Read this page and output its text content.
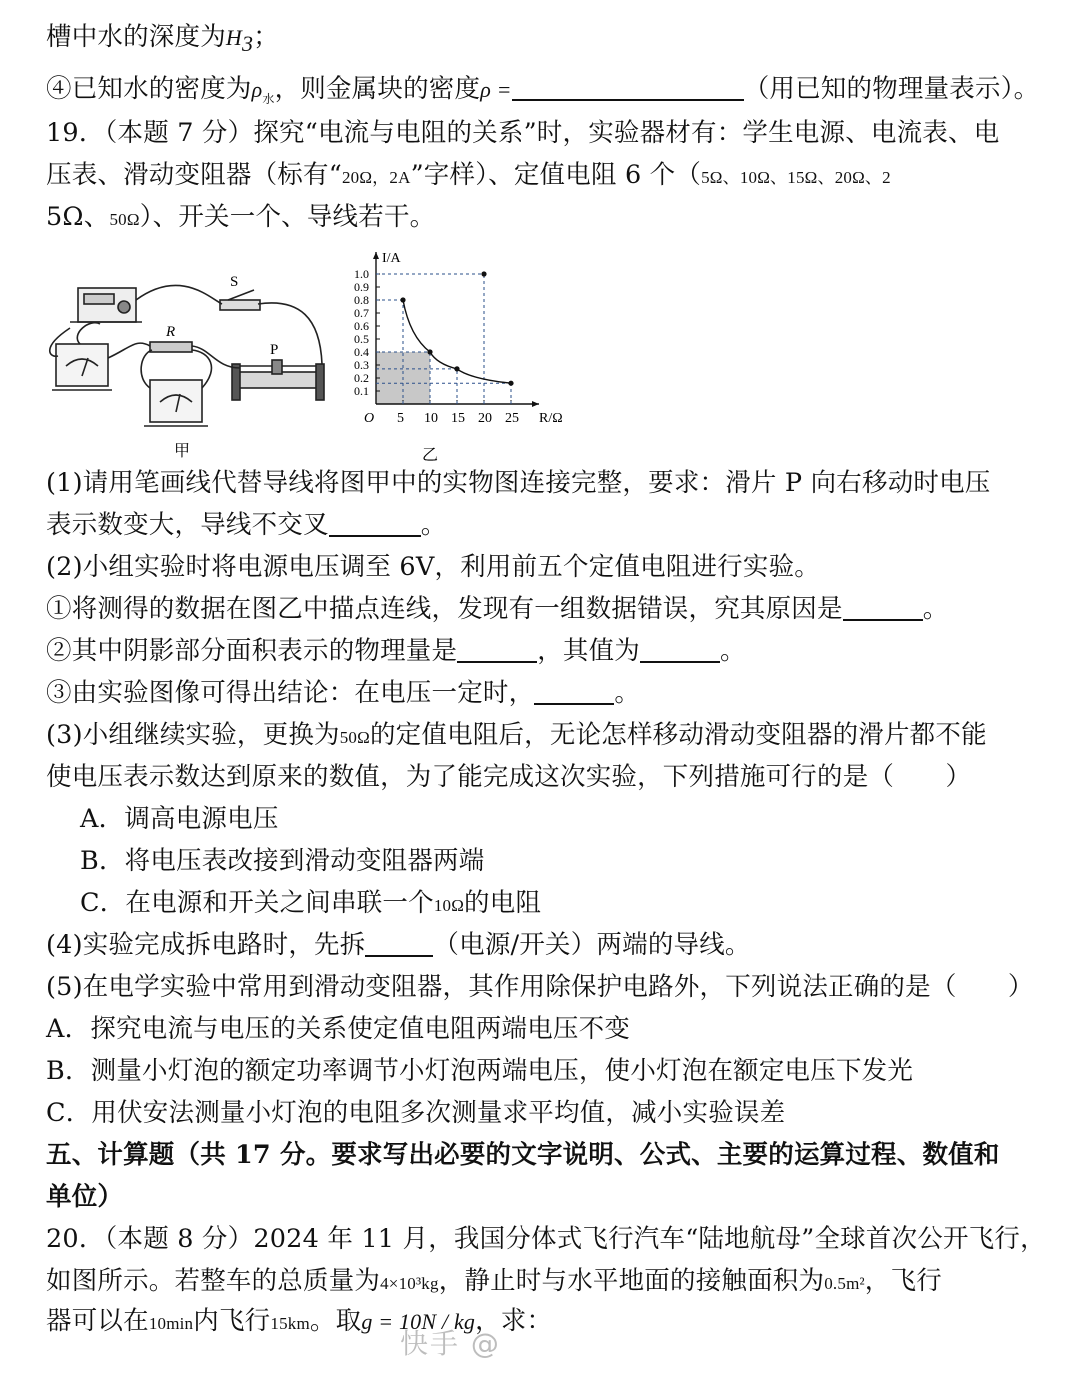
槽中水的深度为$H_3$；
④已知水的密度为$\rho_水$，则金属块的密度ρ =	（用已知的物理量表示）。
19．（本题 7 分）探究“电流与电阻的关系”时，实验器材有：学生电源、电流表、电
压表、滑动变阻器（标有“20Ω，2A”字样）、定值电阻 6 个（5Ω、10Ω、15Ω、20Ω、2
5Ω、50Ω）、开关一个、导线若干。
S
R
P
甲
0.1
0.2
0.3
0.4
0.5
0.6
0.7
0.8
0.9
1.0
5 10 15 20 25
O
I/A
R/Ω
乙
(1)请用笔画线代替导线将图甲中的实物图连接完整，要求：滑片 P 向右移动时电压
表示数变大，导线不交叉	。
(2)小组实验时将电源电压调至 6V，利用前五个定值电阻进行实验。
①将测得的数据在图乙中描点连线，发现有一组数据错误，究其原因是	。
②其中阴影部分面积表示的物理量是	，其值为	。
③由实验图像可得出结论：在电压一定时，	。
(3)小组继续实验，更换为50Ω的定值电阻后，无论怎样移动滑动变阻器的滑片都不能
使电压表示数达到原来的数值，为了能完成这次实验，下列措施可行的是（　　）
A．调高电源电压
B．将电压表改接到滑动变阻器两端
C．在电源和开关之间串联一个10Ω的电阻
(4)实验完成拆电路时，先拆	（电源/开关）两端的导线。
(5)在电学实验中常用到滑动变阻器，其作用除保护电路外，下列说法正确的是（　　）
A．探究电流与电压的关系使定值电阻两端电压不变
B．测量小灯泡的额定功率调节小灯泡两端电压，使小灯泡在额定电压下发光
C．用伏安法测量小灯泡的电阻多次测量求平均值，减小实验误差
五、计算题（共 17 分。要求写出必要的文字说明、公式、主要的运算过程、数值和
单位）
20．（本题 8 分）2024 年 11 月，我国分体式飞行汽车“陆地航母”全球首次公开飞行，
如图所示。若整车的总质量为4×10³kg，静止时与水平地面的接触面积为0.5m²，飞行
器可以在10min内飞行15km。取g = 10N / kg，求：
快手 @
